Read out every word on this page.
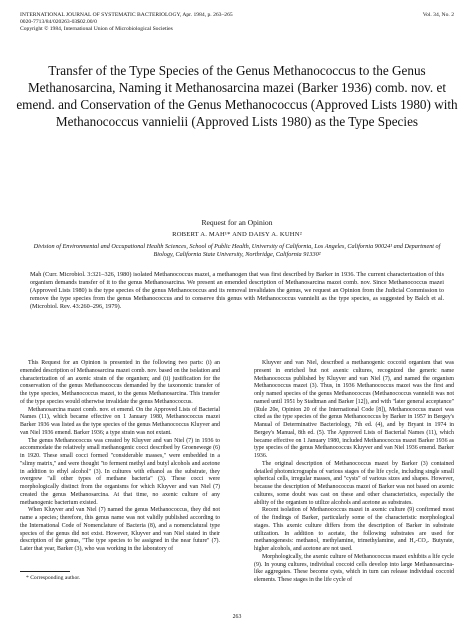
INTERNATIONAL JOURNAL OF SYSTEMATIC BACTERIOLOGY, Apr. 1984, p. 263–265
0020-7713/84/020263-03$02.00/0
Copyright © 1984, International Union of Microbiological Societies
Vol. 34, No. 2
Transfer of the Type Species of the Genus Methanococcus to the Genus Methanosarcina, Naming it Methanosarcina mazei (Barker 1936) comb. nov. et emend. and Conservation of the Genus Methanococcus (Approved Lists 1980) with Methanococcus vannielii (Approved Lists 1980) as the Type Species
Request for an Opinion
ROBERT A. MAH¹* AND DAISY A. KUHN²
Division of Environmental and Occupational Health Sciences, School of Public Health, University of California, Los Angeles, California 90024¹ and Department of Biology, California State University, Northridge, California 91330²
Mah (Curr. Microbiol. 3:321–326, 1980) isolated Methanococcus mazei, a methanogen that was first described by Barker in 1936. The current characterization of this organism demands transfer of it to the genus Methanosarcina. We present an emended description of Methanosarcina mazei comb. nov. Since Methanococcus mazei (Approved Lists 1980) is the type species of the genus Methanococcus and its removal invalidates the genus, we request an Opinion from the Judicial Commission to remove the type species from the genus Methanococcus and to conserve this genus with Methanococcus vannielii as the type species, as suggested by Balch et al. (Microbiol. Rev. 43:260–296, 1979).

This Request for an Opinion is presented in the following two parts: (i) an emended description of Methanosarcina mazei comb. nov. based on the isolation and characterization of an axenic strain of the organism; and (ii) justification for the conservation of the genus Methanococcus demanded by the taxonomic transfer of the type species, Methanococcus mazei, to the genus Methanosarcina. This transfer of the type species would otherwise invalidate the genus Methanococcus.

Methanosarcina mazei comb. nov. et emend. On the Approved Lists of Bacterial Names (11), which became effective on 1 January 1980, Methanococcus mazei Barker 1936 was listed as the type species of the genus Methanococcus Kluyver and van Niel 1936 emend. Barker 1936; a type strain was not extant.

The genus Methanococcus was created by Kluyver and van Niel (7) in 1936 to accommodate the relatively small methanogenic cocci described by Groenewege (6) in 1920. These small cocci formed "considerable masses," were embedded in a "slimy matrix," and were thought "to ferment methyl and butyl alcohols and acetone in addition to ethyl alcohol" (3). In cultures with ethanol as the substrate, they overgrew "all other types of methane bacteria" (3). These cocci were morphologically distinct from the organisms for which Kluyver and van Niel (7) created the genus Methanosarcina. At that time, no axenic culture of any methanogenic bacterium existed.

When Kluyver and van Niel (7) named the genus Methanococcus, they did not name a species; therefore, this genus name was not validly published according to the International Code of Nomenclature of Bacteria (8), and a nomenclatural type species of the genus did not exist. However, Kluyver and van Niel stated in their description of the genus, "The type species to be assigned in the near future" (7). Later that year, Barker (3), who was working in the laboratory of

Kluyver and van Niel, described a methanogenic coccoid organism that was present in enriched but not axenic cultures, recognized the generic name Methanococcus published by Kluyver and van Niel (7), and named the organism Methanococcus mazei (3). Thus, in 1936 Methanococcus mazei was the first and only named species of the genus Methanococcus (Methanococcus vannielii was not named until 1951 by Stadtman and Barker [12]), and with "later general acceptance" (Rule 20e, Opinion 20 of the International Code [8]), Methanococcus mazei was cited as the type species of the genus Methanococcus by Barker in 1957 in Bergey's Manual of Determinative Bacteriology, 7th ed. (4), and by Bryant in 1974 in Bergey's Manual, 8th ed. (5). The Approved Lists of Bacterial Names (11), which became effective on 1 January 1980, included Methanococcus mazei Barker 1936 as type species of the genus Methanococcus Kluyver and van Niel 1936 emend. Barker 1936.

The original description of Methanococcus mazei by Barker (3) contained detailed photomicrographs of various stages of the life cycle, including single small spherical cells, irregular masses, and "cysts" of various sizes and shapes. However, because the description of Methanococcus mazei of Barker was not based on axenic cultures, some doubt was cast on these and other characteristics, especially the ability of the organism to utilize alcohols and acetone as substrates.

Recent isolation of Methanococcus mazei in axenic culture (9) confirmed most of the findings of Barker, particularly some of the characteristic morphological stages. This axenic culture differs from the description of Barker in substrate utilization. In addition to acetate, the following substrates are used for methanogenesis: methanol, methylamine, trimethylamine, and H₂-CO₂. Butyrate, higher alcohols, and acetone are not used.

Morphologically, the axenic culture of Methanococcus mazei exhibits a life cycle (9). In young cultures, individual coccoid cells develop into large Methanosarcina-like aggregates. These become cysts, which in turn can release individual coccoid elements. These stages in the life cycle of

* Corresponding author.
263
